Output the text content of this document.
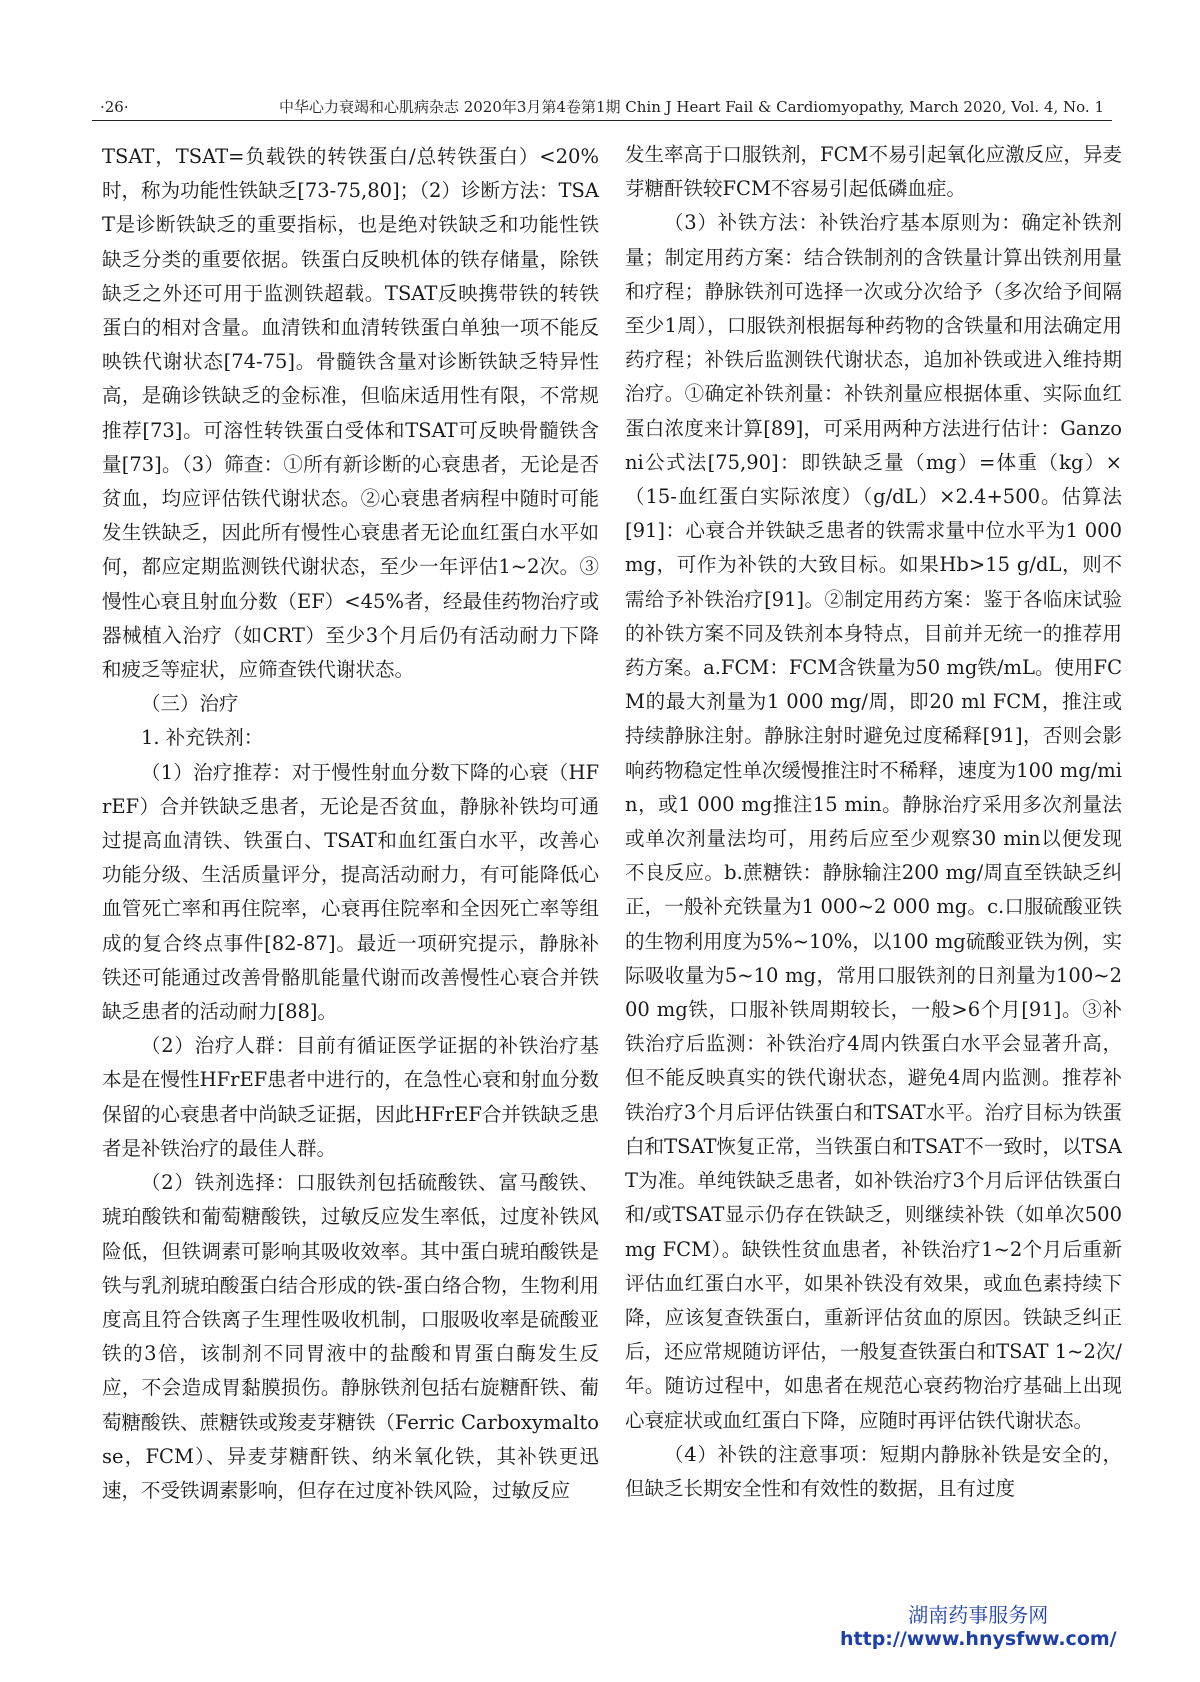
·26·	中华心力衰竭和心肌病杂志 2020年3月第4卷第1期 Chin J Heart Fail & Cardiomyopathy, March 2020, Vol. 4, No. 1

TSAT，TSAT=负载铁的转铁蛋白/总转铁蛋白）<20%时，称为功能性铁缺乏[73-75,80]；（2）诊断方法：TSAT是诊断铁缺乏的重要指标，也是绝对铁缺乏和功能性铁缺乏分类的重要依据。铁蛋白反映机体的铁存储量，除铁缺乏之外还可用于监测铁超载。TSAT反映携带铁的转铁蛋白的相对含量。血清铁和血清转铁蛋白单独一项不能反映铁代谢状态[74-75]。骨髓铁含量对诊断铁缺乏特异性高，是确诊铁缺乏的金标准，但临床适用性有限，不常规推荐[73]。可溶性转铁蛋白受体和TSAT可反映骨髓铁含量[73]。（3）筛查：①所有新诊断的心衰患者，无论是否贫血，均应评估铁代谢状态。②心衰患者病程中随时可能发生铁缺乏，因此所有慢性心衰患者无论血红蛋白水平如何，都应定期监测铁代谢状态，至少一年评估1~2次。③慢性心衰且射血分数（EF）<45%者，经最佳药物治疗或器械植入治疗（如CRT）至少3个月后仍有活动耐力下降和疲乏等症状，应筛查铁代谢状态。

（三）治疗

1. 补充铁剂：

（1）治疗推荐：对于慢性射血分数下降的心衰（HFrEF）合并铁缺乏患者，无论是否贫血，静脉补铁均可通过提高血清铁、铁蛋白、TSAT和血红蛋白水平，改善心功能分级、生活质量评分，提高活动耐力，有可能降低心血管死亡率和再住院率，心衰再住院率和全因死亡率等组成的复合终点事件[82-87]。最近一项研究提示，静脉补铁还可能通过改善骨骼肌能量代谢而改善慢性心衰合并铁缺乏患者的活动耐力[88]。

（2）治疗人群：目前有循证医学证据的补铁治疗基本是在慢性HFrEF患者中进行的，在急性心衰和射血分数保留的心衰患者中尚缺乏证据，因此HFrEF合并铁缺乏患者是补铁治疗的最佳人群。

（2）铁剂选择：口服铁剂包括硫酸铁、富马酸铁、琥珀酸铁和葡萄糖酸铁，过敏反应发生率低，过度补铁风险低，但铁调素可影响其吸收效率。其中蛋白琥珀酸铁是铁与乳剂琥珀酸蛋白结合形成的铁-蛋白络合物，生物利用度高且符合铁离子生理性吸收机制，口服吸收率是硫酸亚铁的3倍，该制剂不同胃液中的盐酸和胃蛋白酶发生反应，不会造成胃黏膜损伤。静脉铁剂包括右旋糖酐铁、葡萄糖酸铁、蔗糖铁或羧麦芽糖铁（Ferric Carboxymaltose，FCM）、异麦芽糖酐铁、纳米氧化铁，其补铁更迅速，不受铁调素影响，但存在过度补铁风险，过敏反应

发生率高于口服铁剂，FCM不易引起氧化应激反应，异麦芽糖酐铁较FCM不容易引起低磷血症。

（3）补铁方法：补铁治疗基本原则为：确定补铁剂量；制定用药方案：结合铁制剂的含铁量计算出铁剂用量和疗程；静脉铁剂可选择一次或分次给予（多次给予间隔至少1周），口服铁剂根据每种药物的含铁量和用法确定用药疗程；补铁后监测铁代谢状态，追加补铁或进入维持期治疗。①确定补铁剂量：补铁剂量应根据体重、实际血红蛋白浓度来计算[89]，可采用两种方法进行估计：Ganzoni公式法[75,90]：即铁缺乏量（mg）=体重（kg）×（15-血红蛋白实际浓度）（g/dL）×2.4+500。估算法[91]：心衰合并铁缺乏患者的铁需求量中位水平为1 000 mg，可作为补铁的大致目标。如果Hb>15 g/dL，则不需给予补铁治疗[91]。②制定用药方案：鉴于各临床试验的补铁方案不同及铁剂本身特点，目前并无统一的推荐用药方案。a.FCM：FCM含铁量为50 mg铁/mL。使用FCM的最大剂量为1 000 mg/周，即20 ml FCM，推注或持续静脉注射。静脉注射时避免过度稀释[91]，否则会影响药物稳定性单次缓慢推注时不稀释，速度为100 mg/min，或1 000 mg推注15 min。静脉治疗采用多次剂量法或单次剂量法均可，用药后应至少观察30 min以便发现不良反应。b.蔗糖铁：静脉输注200 mg/周直至铁缺乏纠正，一般补充铁量为1 000~2 000 mg。c.口服硫酸亚铁的生物利用度为5%~10%，以100 mg硫酸亚铁为例，实际吸收量为5~10 mg，常用口服铁剂的日剂量为100~200 mg铁，口服补铁周期较长，一般>6个月[91]。③补铁治疗后监测：补铁治疗4周内铁蛋白水平会显著升高，但不能反映真实的铁代谢状态，避免4周内监测。推荐补铁治疗3个月后评估铁蛋白和TSAT水平。治疗目标为铁蛋白和TSAT恢复正常，当铁蛋白和TSAT不一致时，以TSAT为准。单纯铁缺乏患者，如补铁治疗3个月后评估铁蛋白和/或TSAT显示仍存在铁缺乏，则继续补铁（如单次500 mg FCM）。缺铁性贫血患者，补铁治疗1~2个月后重新评估血红蛋白水平，如果补铁没有效果，或血色素持续下降，应该复查铁蛋白，重新评估贫血的原因。铁缺乏纠正后，还应常规随访评估，一般复查铁蛋白和TSAT 1~2次/年。随访过程中，如患者在规范心衰药物治疗基础上出现心衰症状或血红蛋白下降，应随时再评估铁代谢状态。

（4）补铁的注意事项：短期内静脉补铁是安全的，但缺乏长期安全性和有效性的数据，且有过度

湖南药事服务网
http://www.hnysfww.com/
